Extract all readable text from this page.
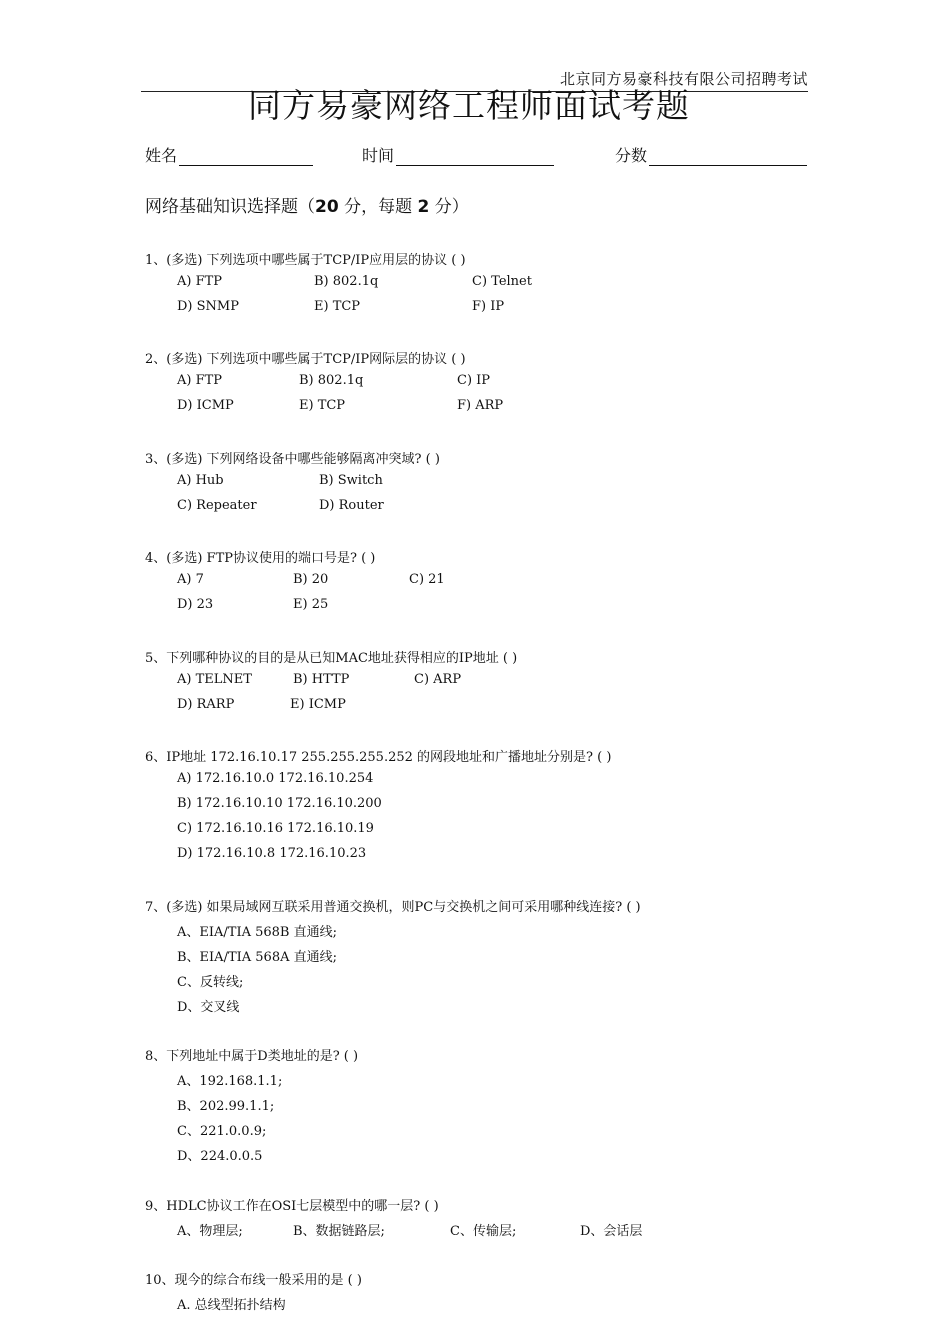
北京同方易豪科技有限公司招聘考试
同方易豪网络工程师面试考题
姓名	时间	分数
网络基础知识选择题（20 分，每题 2 分）
1、(多选) 下列选项中哪些属于TCP/IP应用层的协议 ( )
A) FTP	B) 802.1q	C) Telnet
D) SNMP	E) TCP	F) IP
2、(多选) 下列选项中哪些属于TCP/IP网际层的协议 ( )
A) FTP	B) 802.1q	C) IP
D) ICMP	E) TCP	F) ARP
3、(多选) 下列网络设备中哪些能够隔离冲突域? ( )
A) Hub	B) Switch
C) Repeater	D) Router
4、(多选) FTP协议使用的端口号是? ( )
A) 7	B) 20	C) 21
D) 23	E) 25
5、下列哪种协议的目的是从已知MAC地址获得相应的IP地址 ( )
A) TELNET	B) HTTP	C) ARP
D) RARP	E) ICMP
6、IP地址 172.16.10.17 255.255.255.252 的网段地址和广播地址分别是? ( )
A) 172.16.10.0 172.16.10.254
B) 172.16.10.10 172.16.10.200
C) 172.16.10.16 172.16.10.19
D) 172.16.10.8 172.16.10.23
7、(多选) 如果局域网互联采用普通交换机，则PC与交换机之间可采用哪种线连接? ( )
A、EIA/TIA 568B 直通线;
B、EIA/TIA 568A 直通线;
C、反转线;
D、交叉线
8、下列地址中属于D类地址的是? ( )
A、192.168.1.1;
B、202.99.1.1;
C、221.0.0.9;
D、224.0.0.5
9、HDLC协议工作在OSI七层模型中的哪一层? ( )
A、物理层;	B、数据链路层;	C、传输层;	D、会话层
10、现今的综合布线一般采用的是 ( )
A. 总线型拓扑结构
